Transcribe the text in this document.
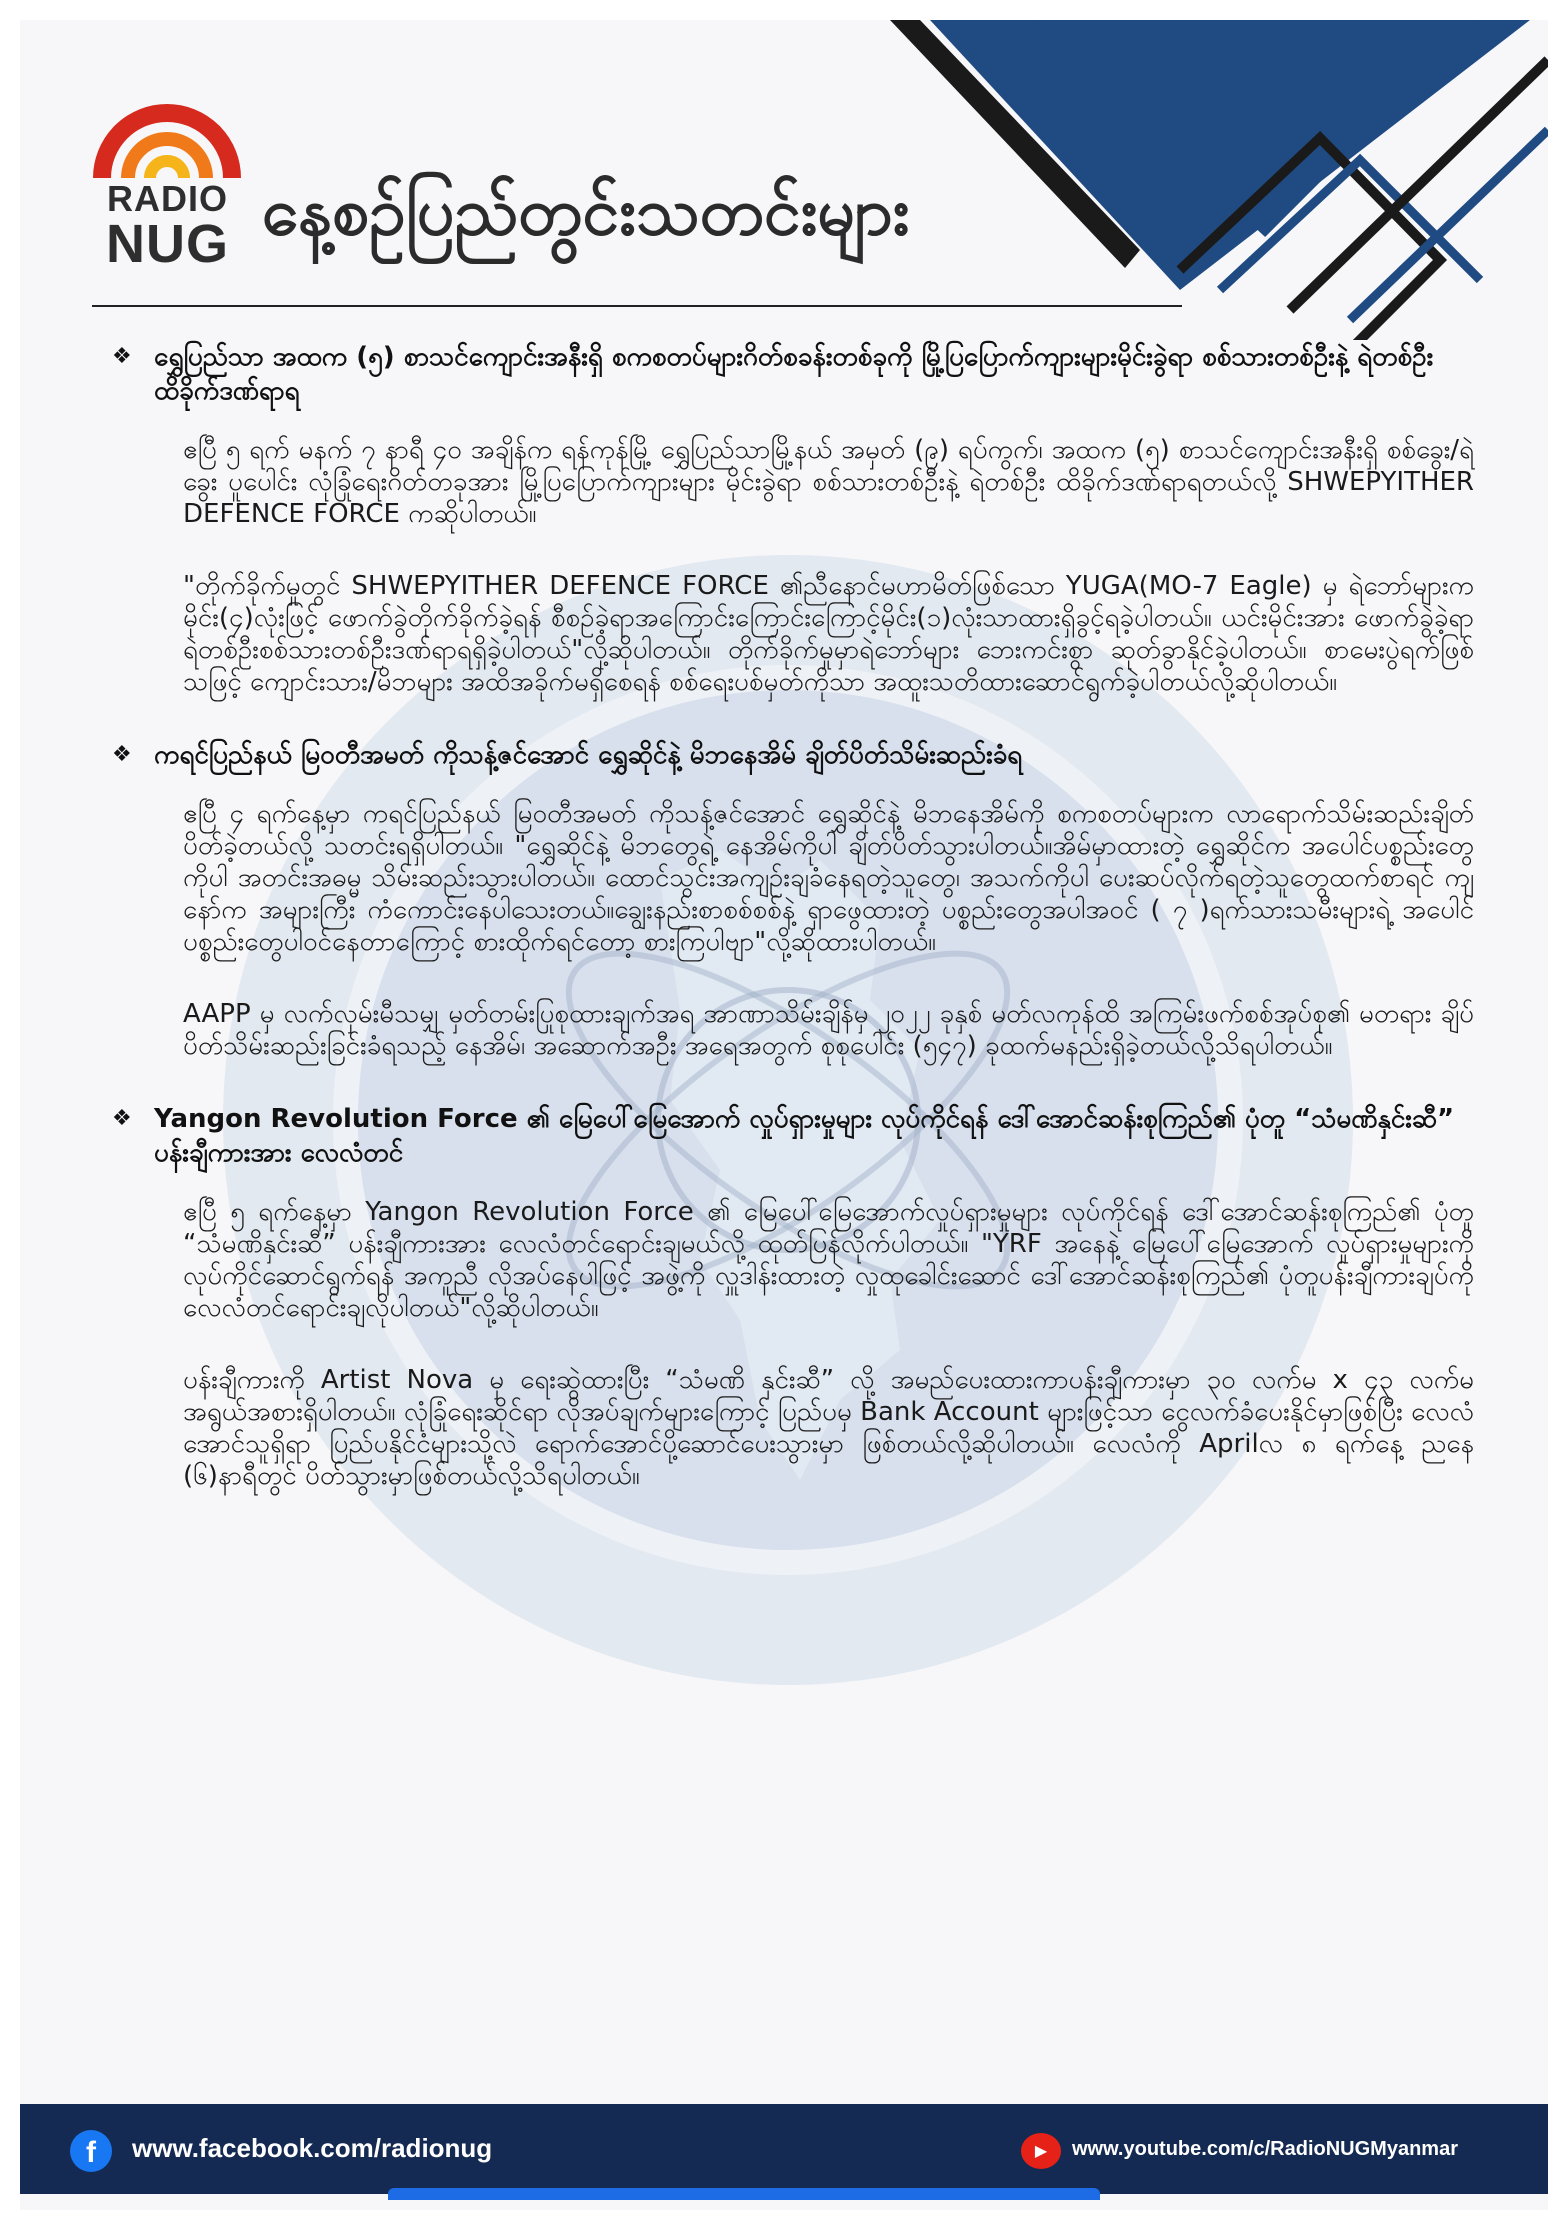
RADIO
NUG နေ့စဉ်ပြည်တွင်းသတင်းများ
❖ ရွှေပြည်သာ အထက (၅) စာသင်ကျောင်းအနီးရှိ စကစတပ်များဂိတ်စခန်းတစ်ခုကို မြို့ပြပြောက်ကျားများမိုင်းခွဲရာ စစ်သားတစ်ဦးနဲ့ ရဲတစ်ဦး ထိခိုက်ဒဏ်ရာရ

ဧပြီ ၅ ရက် မနက် ၇ နာရီ ၄၀ အချိန်က ရန်ကုန်မြို့ ရွှေပြည်သာမြို့နယ် အမှတ် (၉) ရပ်ကွက်၊ အထက (၅) စာသင်ကျောင်းအနီးရှိ စစ်ခွေး/ရဲခွေး ပူပေါင်း လုံခြုံရေးဂိတ်တခုအား မြို့ပြပြောက်ကျားများ မိုင်းခွဲရာ စစ်သားတစ်ဦးနဲ့ ရဲတစ်ဦး ထိခိုက်ဒဏ်ရာရတယ်လို့ SHWEPYITHER DEFENCE FORCE ကဆိုပါတယ်။

"တိုက်ခိုက်မှုတွင် SHWEPYITHER DEFENCE FORCE ၏ညီနောင်မဟာမိတ်ဖြစ်သော YUGA(MO-7 Eagle) မှ ရဲဘော်များက မိုင်း(၄)လုံးဖြင့် ဖောက်ခွဲတိုက်ခိုက်ခဲ့ရန် စီစဉ်ခဲ့ရာအကြောင်းကြောင်းကြောင့်မိုင်း(၁)လုံးသာထားရှိခွင့်ရခဲ့ပါတယ်။ ယင်းမိုင်းအား ဖောက်ခွဲခဲ့ရာ ရဲတစ်ဦးစစ်သားတစ်ဦးဒဏ်ရာရရှိခဲ့ပါတယ်"လို့ဆိုပါတယ်။ တိုက်ခိုက်မှုမှာရဲဘော်များ ဘေးကင်းစွာ ဆုတ်ခွာနိုင်ခဲ့ပါတယ်။ စာမေးပွဲရက်ဖြစ်သဖြင့် ကျောင်းသား/မိဘများ အထိအခိုက်မရှိစေရန် စစ်ရေးပစ်မှတ်ကိုသာ အထူးသတိထားဆောင်ရွက်ခဲ့ပါတယ်လို့ဆိုပါတယ်။

❖ ကရင်ပြည်နယ် မြဝတီအမတ် ကိုသန့်ဇင်အောင် ရွှေဆိုင်နဲ့ မိဘနေအိမ် ချိတ်ပိတ်သိမ်းဆည်းခံရ

ဧပြီ ၄ ရက်နေ့မှာ ကရင်ပြည်နယ် မြဝတီအမတ် ကိုသန့်ဇင်အောင် ရွှေဆိုင်နဲ့ မိဘနေအိမ်ကို စကစတပ်များက လာရောက်သိမ်းဆည်းချိတ်ပိတ်ခဲ့တယ်လို့ သတင်းရရှိပါတယ်။ "ရွှေဆိုင်နဲ့ မိဘတွေရဲ့ နေအိမ်ကိုပါ ချိတ်ပိတ်သွားပါတယ်။အိမ်မှာထားတဲ့ ရွှေဆိုင်က အပေါင်ပစ္စည်းတွေကိုပါ အတင်းအဓမ္မ သိမ်းဆည်းသွားပါတယ်။ ထောင်သွင်းအကျဉ်းချခံနေရတဲ့သူတွေ၊ အသက်ကိုပါ ပေးဆပ်လိုက်ရတဲ့သူတွေထက်စာရင် ကျနော်က အများကြီး ကံကောင်းနေပါသေးတယ်။ချွေးနည်းစာစစ်စစ်နဲ့ ရှာဖွေထားတဲ့ ပစ္စည်းတွေအပါအဝင် ( ၇ )ရက်သားသမီးများရဲ့ အပေါင်ပစ္စည်းတွေပါဝင်နေတာကြောင့် စားထိုက်ရင်တော့ စားကြပါဗျာ"လို့ဆိုထားပါတယ်။

AAPP မှ လက်လှမ်းမီသမျှ မှတ်တမ်းပြုစုထားချက်အရ အာဏာသိမ်းချိန်မှ ၂၀၂၂ ခုနှစ် မတ်လကုန်ထိ အကြမ်းဖက်စစ်အုပ်စု၏ မတရား ချိပ်ပိတ်သိမ်းဆည်းခြင်းခံရသည့် နေအိမ်၊ အဆောက်အဦး အရေအတွက် စုစုပေါင်း (၅၄၇) ခုထက်မနည်းရှိခဲ့တယ်လို့သိရပါတယ်။

❖ Yangon Revolution Force ၏ မြေပေါ်မြေအောက် လှုပ်ရှားမှုများ လုပ်ကိုင်ရန် ဒေါ်အောင်ဆန်းစုကြည်၏ ပုံတူ “သံမဏိနှင်းဆီ” ပန်းချီကားအား လေလံတင်

ဧပြီ ၅ ရက်နေ့မှာ Yangon Revolution Force ၏ မြေပေါ်မြေအောက်လှုပ်ရှားမှုများ လုပ်ကိုင်ရန် ဒေါ်အောင်ဆန်းစုကြည်၏ ပုံတူ “သံမဏိနှင်းဆီ” ပန်းချီကားအား လေလံတင်ရောင်းချမယ်လို့ ထုတ်ပြန်လိုက်ပါတယ်။ "YRF အနေနဲ့ မြေပေါ်မြေအောက် လှုပ်ရှားမှုများကို လုပ်ကိုင်ဆောင်ရွက်ရန် အကူညီ လိုအပ်နေပါဖြင့် အဖွဲ့ကို လှူဒါန်းထားတဲ့ လှုထုခေါင်းဆောင် ဒေါ်အောင်ဆန်းစုကြည်၏ ပုံတူပန်းချီကားချပ်ကို လေလံတင်ရောင်းချလိုပါတယ်"လို့ဆိုပါတယ်။

ပန်းချီကားကို Artist Nova မှ ရေးဆွဲထားပြီး “သံမဏိ နှင်းဆီ” လို့ အမည်ပေးထားကာပန်းချီကားမှာ ၃၀ လက်မ x ၄၃ လက်မ အရွယ်အစားရှိပါတယ်။ လုံခြုံရေးဆိုင်ရာ လိုအပ်ချက်များကြောင့် ပြည်ပမှ Bank Account များဖြင့်သာ ငွေလက်ခံပေးနိုင်မှာဖြစ်ပြီး လေလံအောင်သူရှိရာ ပြည်ပနိုင်ငံများသို့လဲ ရောက်အောင်ပို့ဆောင်ပေးသွားမှာ ဖြစ်တယ်လို့ဆိုပါတယ်။ လေလံကို Aprilလ ၈ ရက်နေ့ ညနေ (၆)နာရီတွင် ပိတ်သွားမှာဖြစ်တယ်လို့သိရပါတယ်။

f	www.facebook.com/radionug	▶	www.youtube.com/c/RadioNUGMyanmar
